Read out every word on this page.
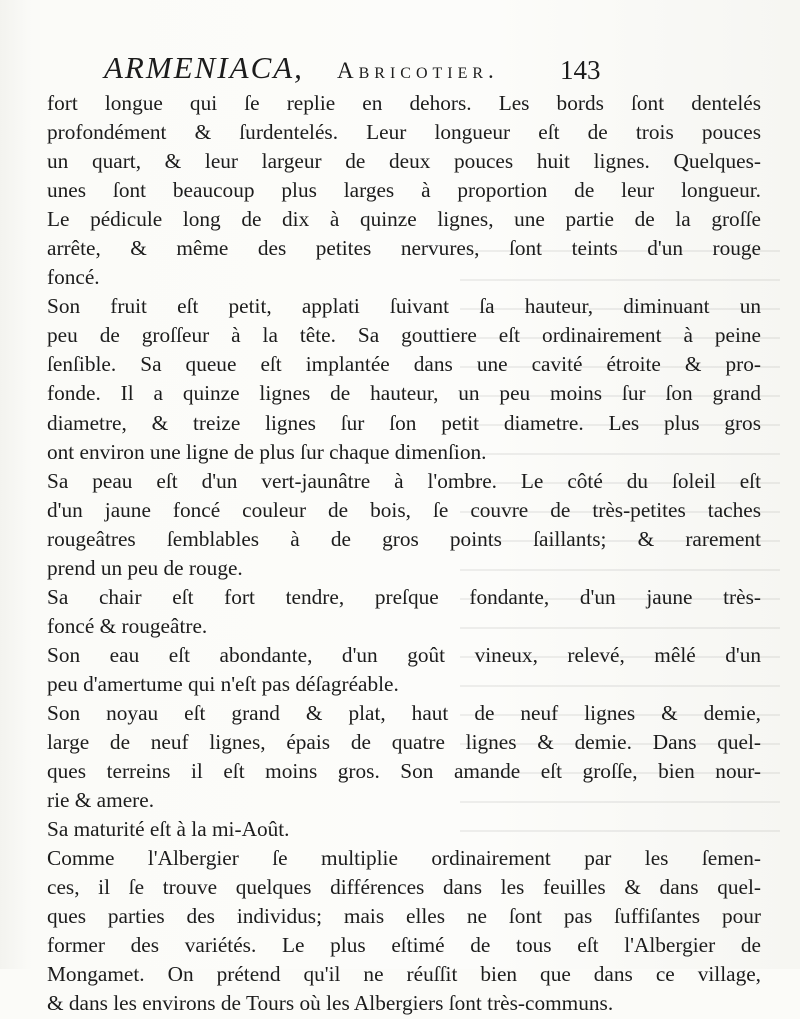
ARMENIACA, Abricotier. 143

fort longue qui ſe replie en dehors. Les bords ſont dentelés
profondément & ſurdentelés. Leur longueur eſt de trois pouces
un quart, & leur largeur de deux pouces huit lignes. Quelques-
unes ſont beaucoup plus larges à proportion de leur longueur.
Le pédicule long de dix à quinze lignes, une partie de la groſſe
arrête, & même des petites nervures, ſont teints d'un rouge
foncé.

Son fruit eſt petit, applati ſuivant ſa hauteur, diminuant un
peu de groſſeur à la tête. Sa gouttiere eſt ordinairement à peine
ſenſible. Sa queue eſt implantée dans une cavité étroite & pro-
fonde. Il a quinze lignes de hauteur, un peu moins ſur ſon grand
diametre, & treize lignes ſur ſon petit diametre. Les plus gros
ont environ une ligne de plus ſur chaque dimenſion.

Sa peau eſt d'un vert-jaunâtre à l'ombre. Le côté du ſoleil eſt
d'un jaune foncé couleur de bois, ſe couvre de très-petites taches
rougeâtres ſemblables à de gros points ſaillants; & rarement
prend un peu de rouge.

Sa chair eſt fort tendre, preſque fondante, d'un jaune très-
foncé & rougeâtre.

Son eau eſt abondante, d'un goût vineux, relevé, mêlé d'un
peu d'amertume qui n'eſt pas déſagréable.

Son noyau eſt grand & plat, haut de neuf lignes & demie,
large de neuf lignes, épais de quatre lignes & demie. Dans quel-
ques terreins il eſt moins gros. Son amande eſt groſſe, bien nour-
rie & amere.

Sa maturité eſt à la mi-Août.

Comme l'Albergier ſe multiplie ordinairement par les ſemen-
ces, il ſe trouve quelques différences dans les feuilles & dans quel-
ques parties des individus; mais elles ne ſont pas ſuffiſantes pour
former des variétés. Le plus eſtimé de tous eſt l'Albergier de
Mongamet. On prétend qu'il ne réuſſit bien que dans ce village,
& dans les environs de Tours où les Albergiers ſont très-communs.
